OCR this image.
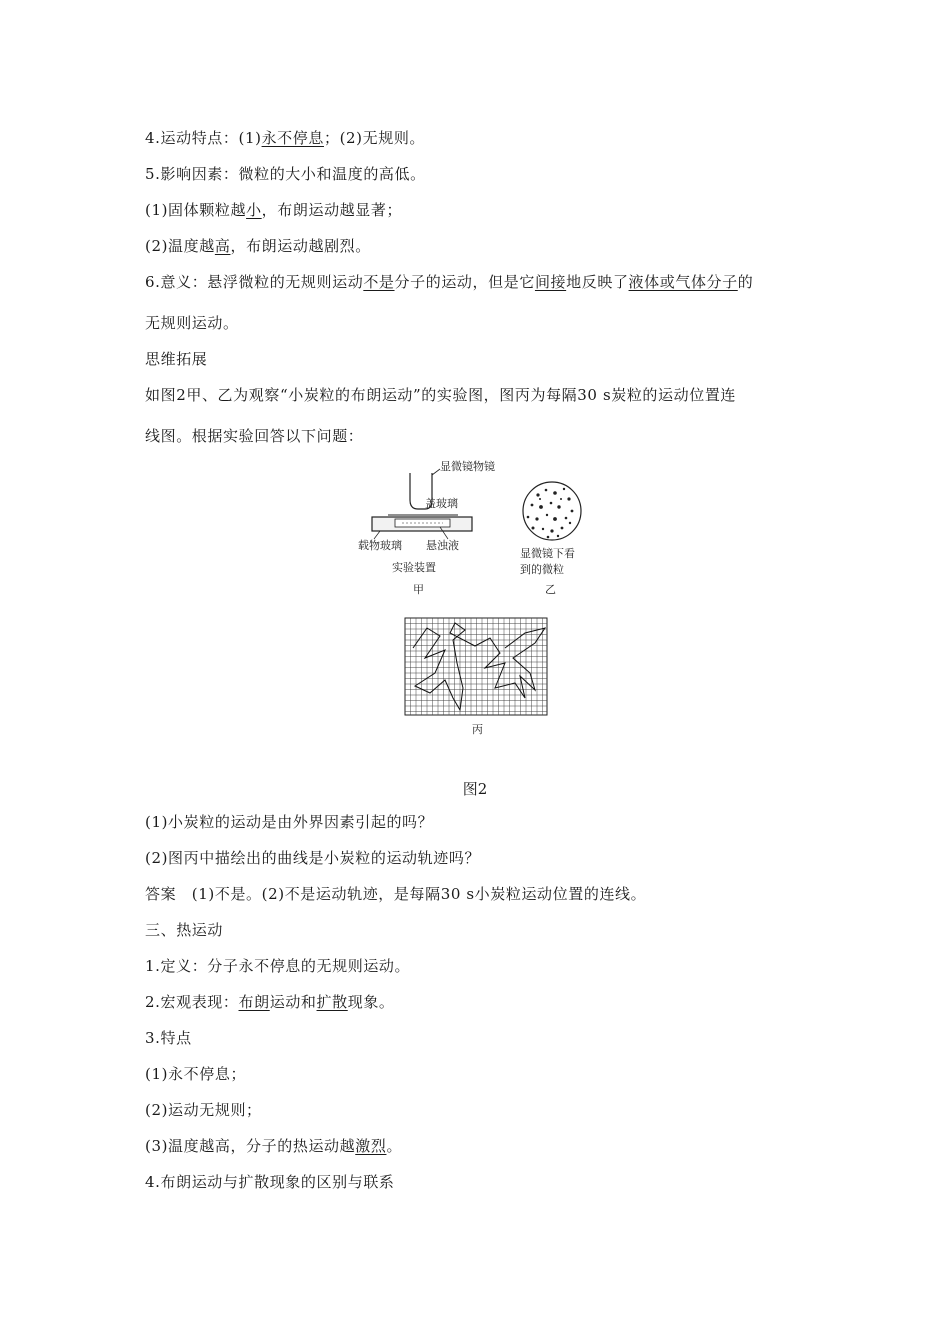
4.运动特点：(1)永不停息；(2)无规则。
5.影响因素：微粒的大小和温度的高低。
(1)固体颗粒越小，布朗运动越显著；
(2)温度越高，布朗运动越剧烈。
6.意义：悬浮微粒的无规则运动不是分子的运动，但是它间接地反映了液体或气体分子的
无规则运动。
思维拓展
如图2甲、乙为观察“小炭粒的布朗运动”的实验图，图丙为每隔30 s炭粒的运动位置连
线图。根据实验回答以下问题：
显微镜物镜
盖玻璃
载物玻璃 悬浊液
实验装置
甲
显微镜下看
到的微粒
乙
丙
图2
(1)小炭粒的运动是由外界因素引起的吗？
(2)图丙中描绘出的曲线是小炭粒的运动轨迹吗？
答案　(1)不是。(2)不是运动轨迹，是每隔30 s小炭粒运动位置的连线。
三、热运动
1.定义：分子永不停息的无规则运动。
2.宏观表现：布朗运动和扩散现象。
3.特点
(1)永不停息；
(2)运动无规则；
(3)温度越高，分子的热运动越激烈。
4.布朗运动与扩散现象的区别与联系
